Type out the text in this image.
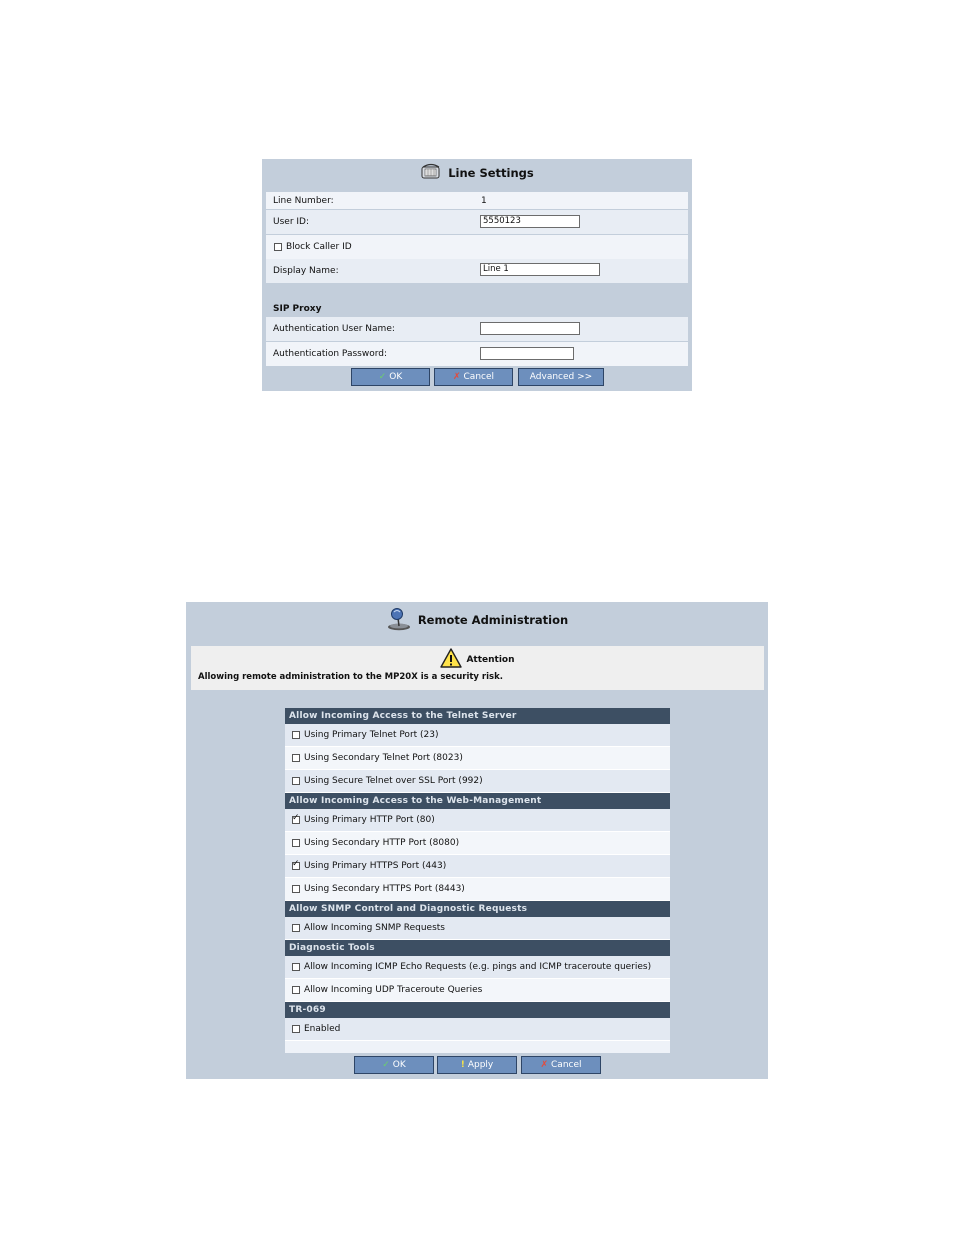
Line Settings
Line Number:	1
User ID:	5550123
Block Caller ID
Display Name:	Line 1
SIP Proxy
Authentication User Name:
Authentication Password:
✓ OK	✗ Cancel	Advanced >>
Remote Administration
Attention
Allowing remote administration to the MP20X is a security risk.
Allow Incoming Access to the Telnet Server
Using Primary Telnet Port (23)
Using Secondary Telnet Port (8023)
Using Secure Telnet over SSL Port (992)
Allow Incoming Access to the Web-Management
✓
Using Primary HTTP Port (80)
Using Secondary HTTP Port (8080)
✓
Using Primary HTTPS Port (443)
Using Secondary HTTPS Port (8443)
Allow SNMP Control and Diagnostic Requests
Allow Incoming SNMP Requests
Diagnostic Tools
Allow Incoming ICMP Echo Requests (e.g. pings and ICMP traceroute queries)
Allow Incoming UDP Traceroute Queries
TR-069
Enabled
✓ OK	! Apply	✗ Cancel
